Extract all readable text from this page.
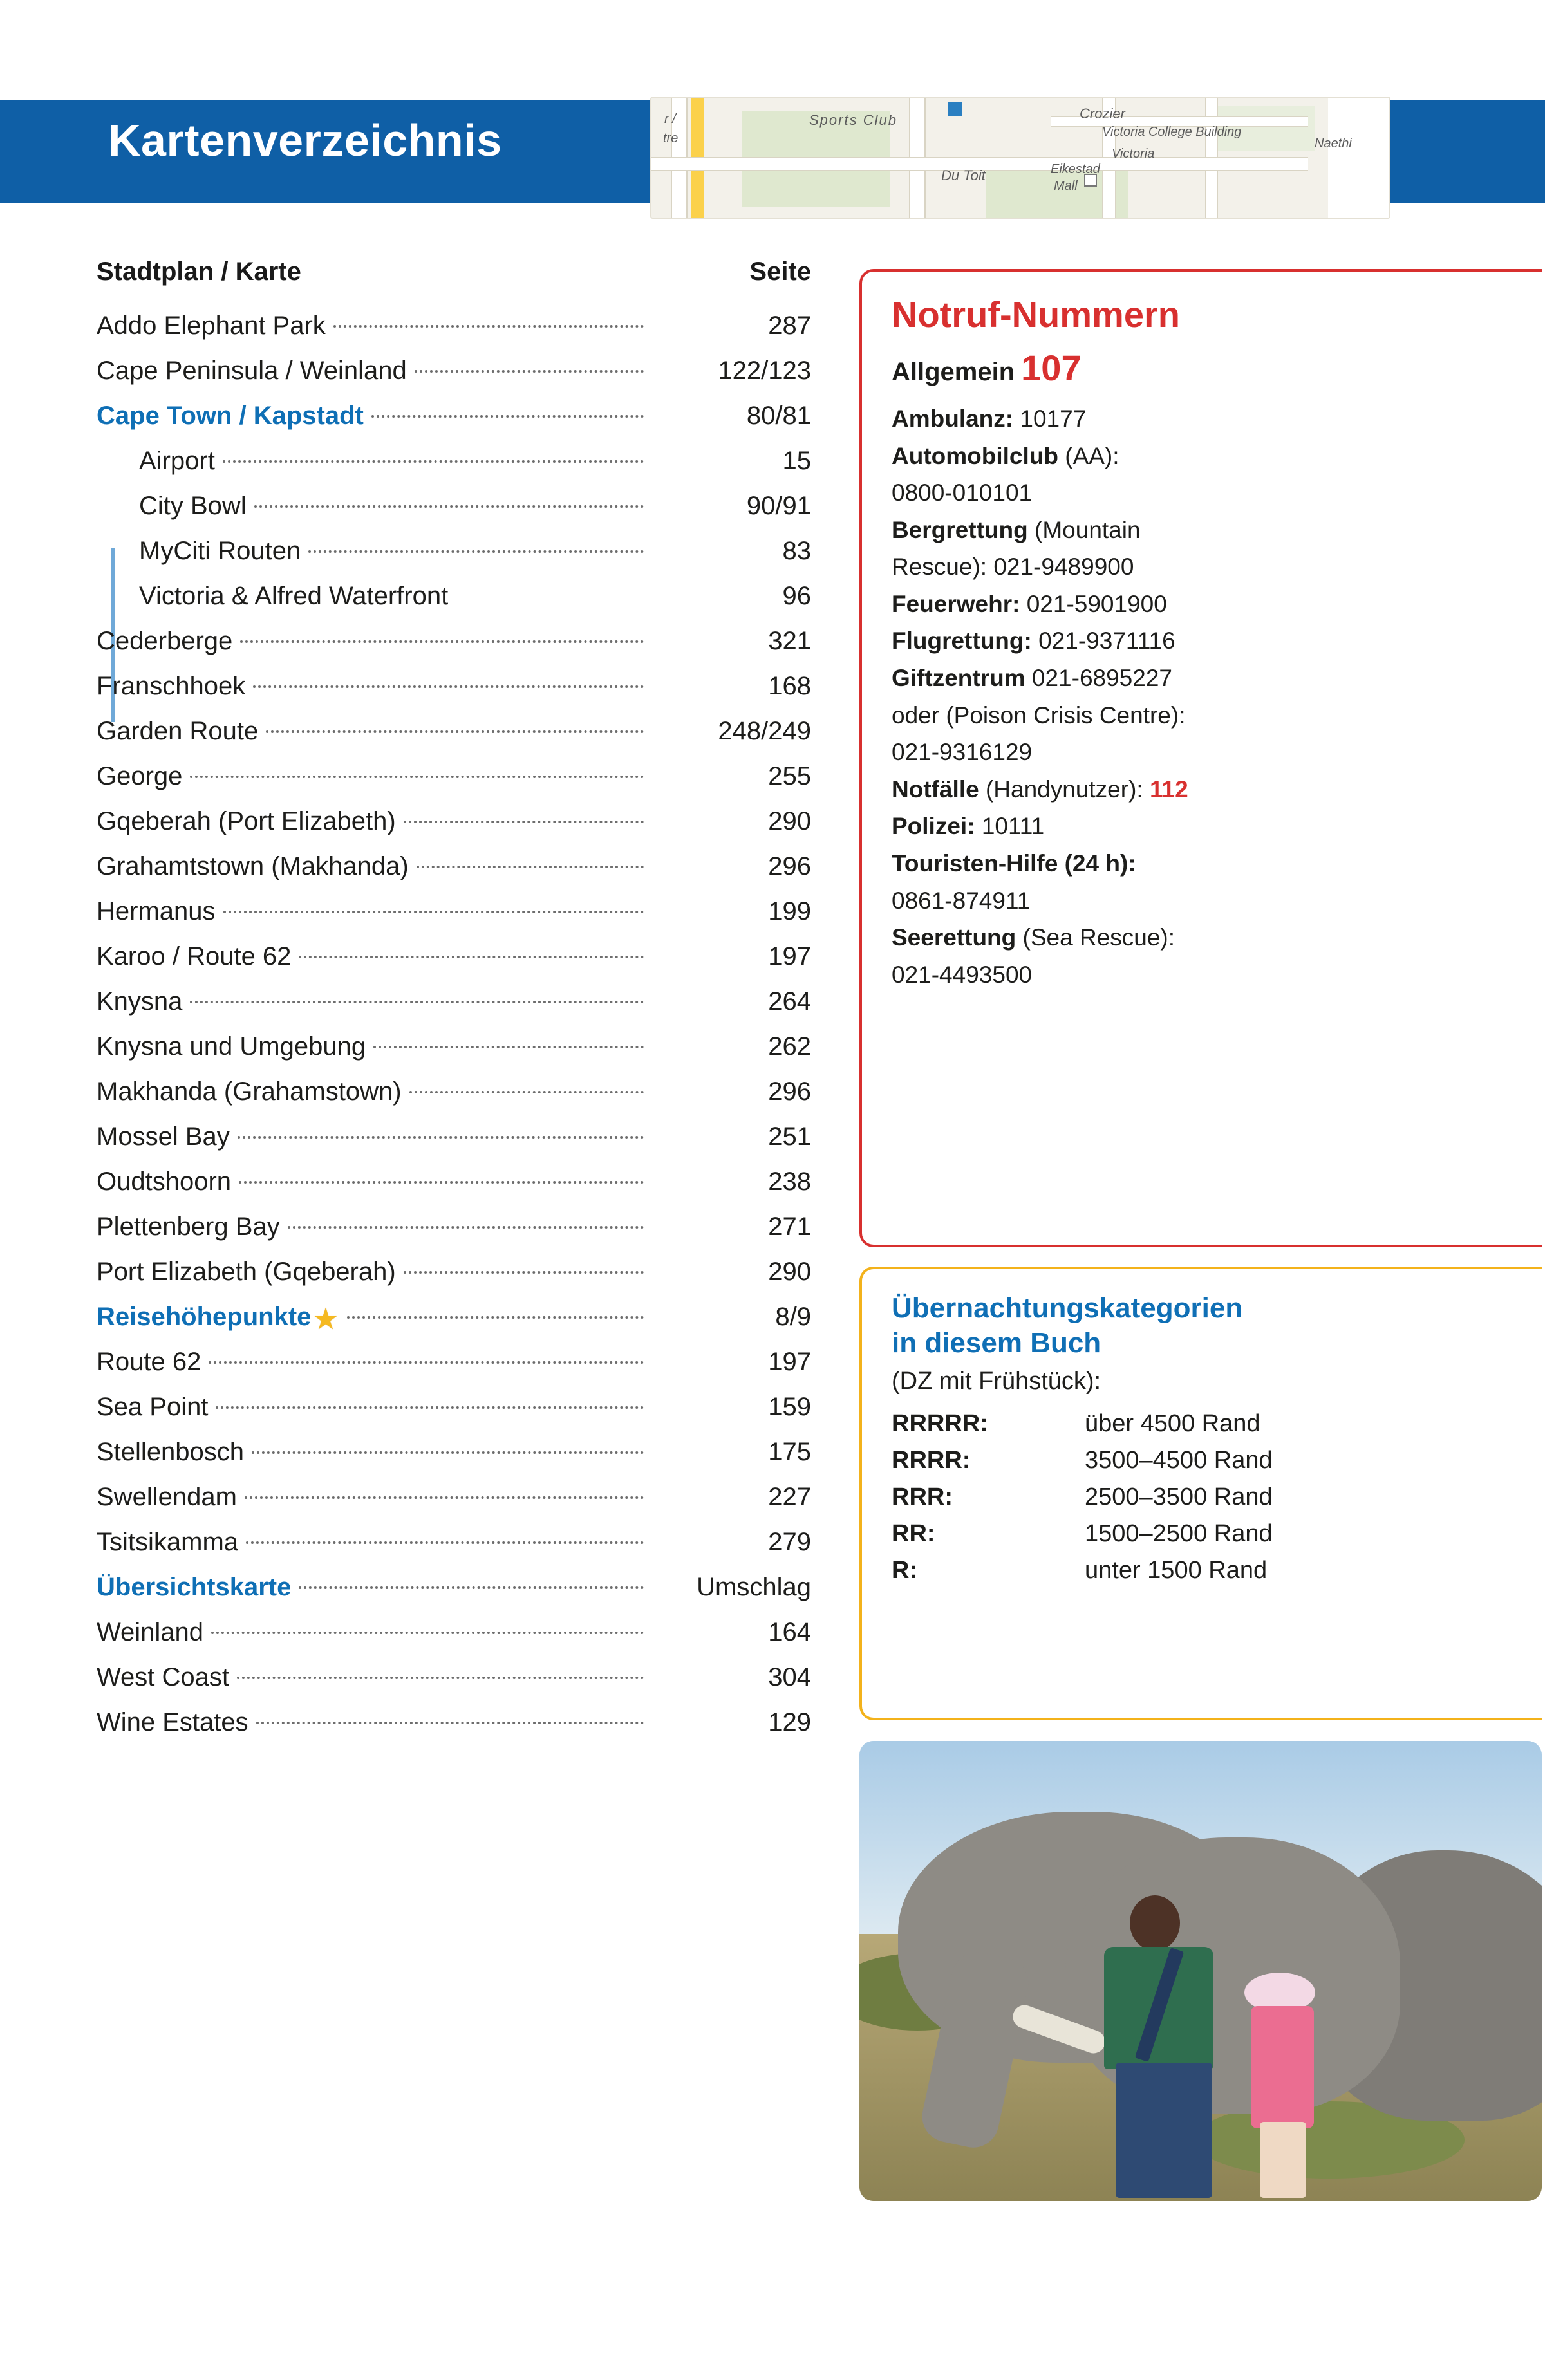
Kartenverzeichnis	Sports Club	Crozier
Victoria College Building
Victoria
Du Toit	Eikestad
Mall
Naethi
r /
tre
Stadtplan / Karte	Seite
Addo Elephant Park	287
Cape Peninsula / Weinland	122/123
Cape Town / Kapstadt	80/81
Airport	15
City Bowl	90/91
MyCiti Routen	83
Victoria & Alfred Waterfront	96
Cederberge	321
Franschhoek	168
Garden Route	248/249
George	255
Gqeberah (Port Elizabeth)	290
Grahamtstown (Makhanda)	296
Hermanus	199
Karoo / Route 62	197
Knysna	264
Knysna und Umgebung	262
Makhanda (Grahamstown)	296
Mossel Bay	251
Oudtshoorn	238
Plettenberg Bay	271
Port Elizabeth (Gqeberah)	290
Reisehöhepunkte ★	8/9
Route 62	197
Sea Point	159
Stellenbosch	175
Swellendam	227
Tsitsikamma	279
Übersichtskarte	Umschlag
Weinland	164
West Coast	304
Wine Estates	129
Notruf-Nummern
Allgemein 107
Ambulanz: 10177
Automobilclub (AA):
0800-010101
Bergrettung (Mountain
Rescue): 021-9489900
Feuerwehr: 021-5901900
Flugrettung: 021-9371116
Giftzentrum 021-6895227
oder (Poison Crisis Centre):
021-9316129
Notfälle (Handynutzer): 112
Polizei: 10111
Touristen-Hilfe (24 h):
0861-874911
Seerettung (Sea Rescue):
021-4493500
Übernachtungskategorien
in diesem Buch
(DZ mit Frühstück):
RRRRR:	über 4500 Rand
RRRR:	3500–4500 Rand
RRR:	2500–3500 Rand
RR:	1500–2500 Rand
R:	unter 1500 Rand
